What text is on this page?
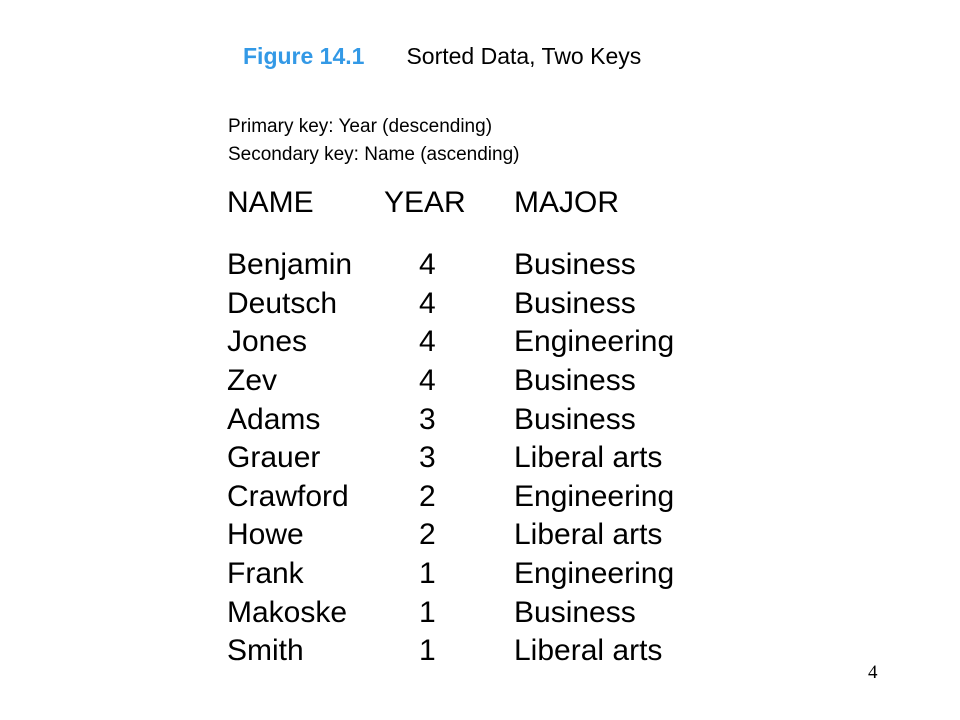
Figure 14.1 Sorted Data, Two Keys
Primary key: Year (descending)
Secondary key: Name (ascending)
NAME	YEAR	MAJOR
Benjamin	4	Business
Deutsch	4	Business
Jones	4	Engineering
Zev	4	Business
Adams	3	Business
Grauer	3	Liberal arts
Crawford	2	Engineering
Howe	2	Liberal arts
Frank	1	Engineering
Makoske	1	Business
Smith	1	Liberal arts
4
